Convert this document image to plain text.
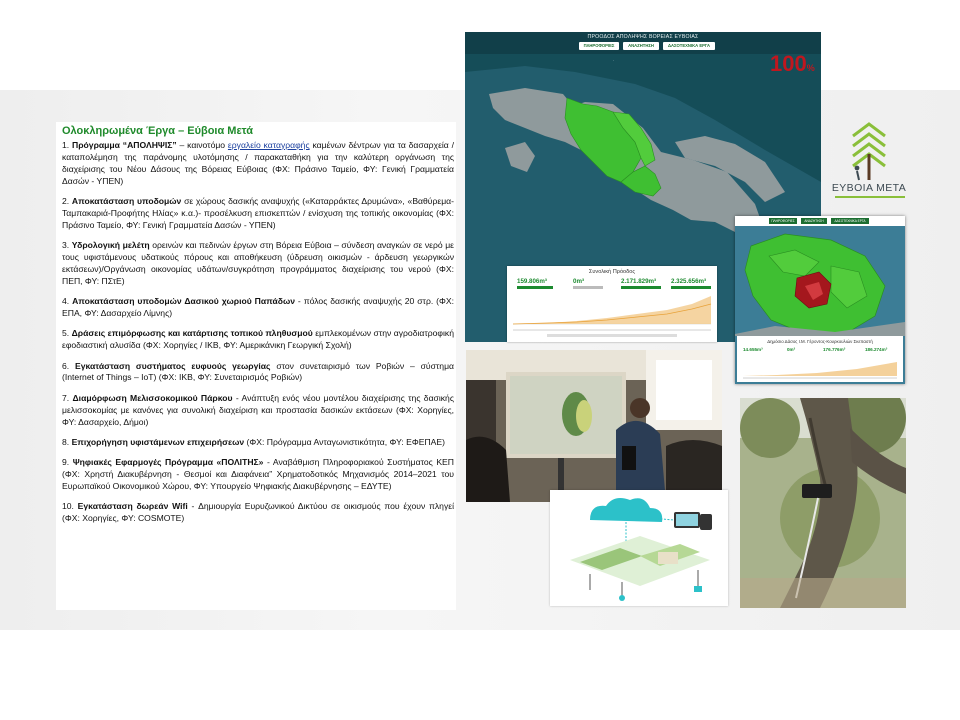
Ολοκληρωμένα Έργα – Εύβοια Μετά
1. Πρόγραμμα “ΑΠΟΛΗΨΙΣ” – καινοτόμο εργαλείο καταγραφής καμένων δέντρων για τα δασαρχεία / καταπολέμηση της παράνομης υλοτόμησης / παρακαταθήκη για την καλύτερη οργάνωση της διαχείρισης του Νέου Δάσους της Βόρειας Εύβοιας (ΦΧ: Πράσινο Ταμείο, ΦΥ: Γενική Γραμματεία Δασών - ΥΠΕΝ)
2. Αποκατάσταση υποδομών σε χώρους δασικής αναψυχής («Καταρράκτες Δρυμώνα», «Βαθύρεμα-Ταμπακαριά-Προφήτης Ηλίας» κ.α.)- προσέλκυση επισκεπτών / ενίσχυση της τοπικής οικονομίας (ΦΧ: Πράσινο Ταμείο, ΦΥ: Γενική Γραμματεία Δασών - ΥΠΕΝ)
3. Υδρολογική μελέτη ορεινών και πεδινών έργων στη Βόρεια Εύβοια – σύνδεση αναγκών σε νερό με τους υφιστάμενους υδατικούς πόρους και αποθήκευση (ύδρευση οικισμών - άρδευση γεωργικών εκτάσεων)/Οργάνωση οικονομίας υδάτων/συγκρότηση προγράμματος διαχείρισης του νερού (ΦΧ: ΠΕΠ, ΦΥ: ΠΣτΕ)
4. Αποκατάσταση υποδομών Δασικού χωριού Παπάδων - πόλος δασικής αναψυχής 20 στρ. (ΦΧ: ΕΠΑ, ΦΥ: Δασαρχείο Λίμνης)
5. Δράσεις επιμόρφωσης και κατάρτισης τοπικού πληθυσμού εμπλεκομένων στην αγροδιατροφική εφοδιαστική αλυσίδα (ΦΧ: Χορηγίες / ΙΚΒ, ΦΥ: Αμερικάνικη Γεωργική Σχολή)
6. Εγκατάσταση συστήματος ευφυούς γεωργίας στον συνεταιρισμό των Ροβιών – σύστημα (Internet of Things – IoT) (ΦΧ: ΙΚΒ, ΦΥ: Συνεταιρισμός Ροβιών)
7. Διαμόρφωση Μελισσοκομικού Πάρκου - Ανάπτυξη ενός νέου μοντέλου διαχείρισης της δασικής μελισσοκομίας με κανόνες για συνολική διαχείριση και προστασία δασικών εκτάσεων (ΦΧ: Χορηγίες, ΦΥ: Δασαρχείο, Δήμοι)
8. Επιχορήγηση υφιστάμενων επιχειρήσεων (ΦΧ: Πρόγραμμα Ανταγωνιστικότητα, ΦΥ: ΕΦΕΠΑΕ)
9. Ψηφιακές Εφαρμογές Πρόγραμμα «ΠΟΛΙΤΗΣ» - Αναβάθμιση Πληροφοριακού Συστήματος ΚΕΠ (ΦΧ: Χρηστή Διακυβέρνηση - Θεσμοί και Διαφάνεια” Χρηματοδοτικός Μηχανισμός 2014–2021 του Ευρωπαϊκού Οικονομικού Χώρου, ΦΥ: Υπουργείο Ψηφιακής Διακυβέρνησης – ΕΔΥΤΕ)
10. Εγκατάσταση δωρεάν Wifi - Δημιουργία Ευρυζωνικού Δικτύου σε οικισμούς που έχουν πληγεί (ΦΧ: Χορηγίες, ΦΥ: COSMOTE)
ΠΡΟΟΔΟΣ ΑΠΟΛΗΨΗΣ ΒΟΡΕΙΑΣ ΕΥΒΟΙΑΣ
ΠΛΗΡΟΦΟΡΙΕΣ	ΑΝΑΖΗΤΗΣΗ	ΔΑΣΟΤΕΧΝΙΚΑ ΕΡΓΑ
·	100%
Συνολική Πρόοδος
159.806m³	0m³	2.171.829m³ 2.325.656m³
ΕΥΒΟΙΑ ΜΕΤΑ
ΠΛΗΡΟΦΟΡΙΕΣ	ΑΝΑΖΗΤΗΣΗ	ΔΑΣΟΤΕΧΝΙΚΑ ΕΡΓΑ
Δημόσιο Δάσος Ι.Μ. Γέροντος-Κουρκουλιών Σκεπαστή
14.655m³	0m³	176.776m³	186.274m³
